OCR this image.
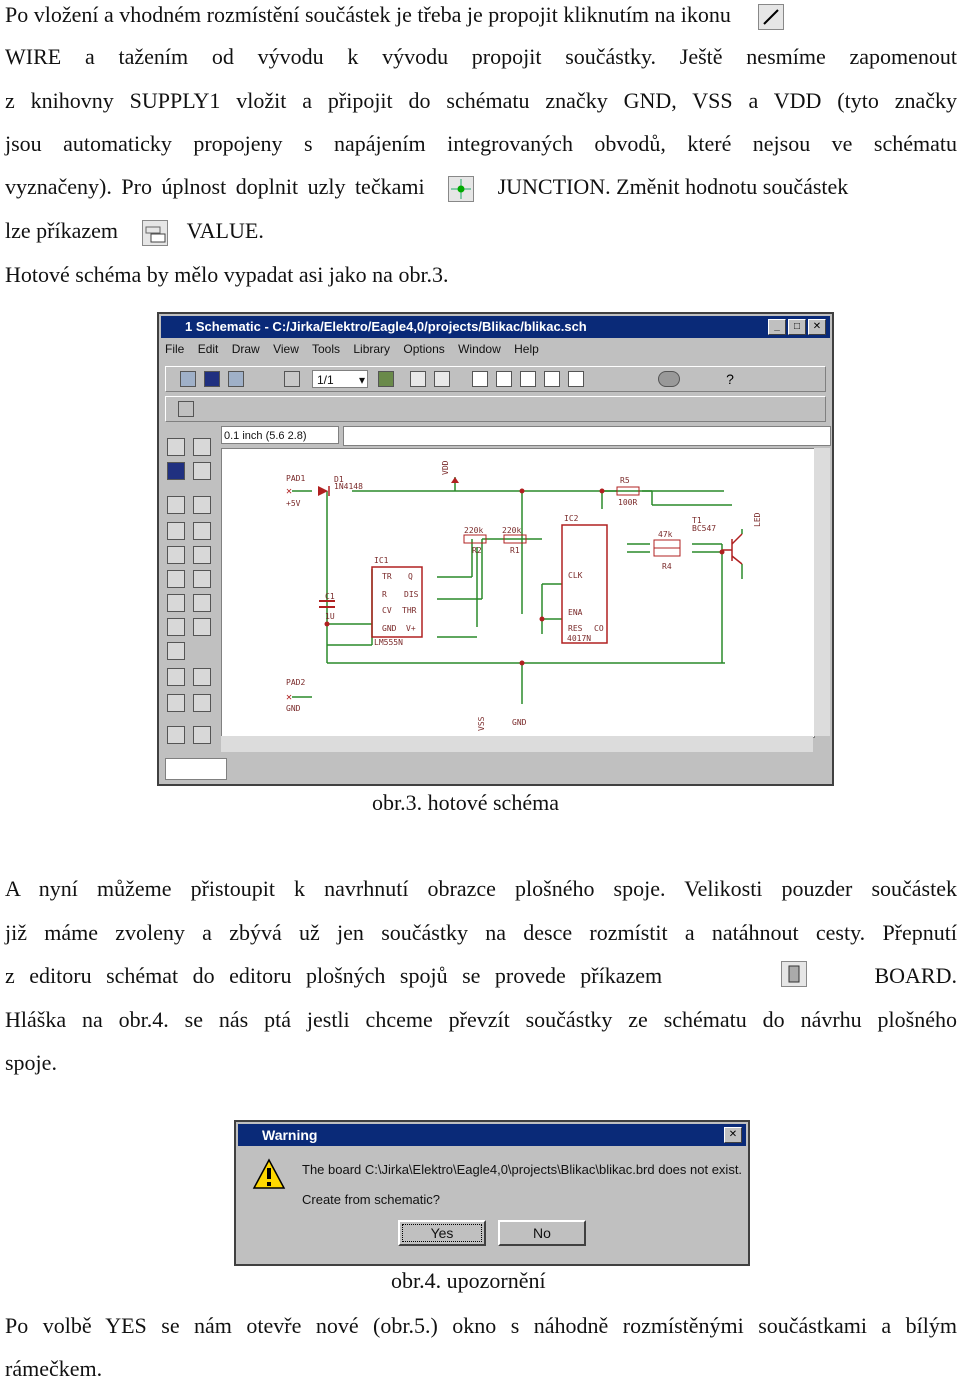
Po vložení a vhodném rozmístění součástek je třeba je propojit kliknutím na ikonu
WIRE a tažením od vývodu k vývodu propojit součástky. Ještě nesmíme zapomenout
z knihovny SUPPLY1 vložit a připojit do schématu značky GND, VSS a VDD (tyto značky
jsou automaticky propojeny s napájením integrovaných obvodů, které nejsou ve schématu
vyznačeny). Pro úplnost doplnit uzly tečkami	JUNCTION. Změnit hodnotu součástek
lze příkazem	VALUE.
Hotové schéma by mělo vypadat asi jako na obr.3.
1 Schematic - C:/Jirka/Elektro/Eagle4,0/projects/Blikac/blikac.sch	_	□	✕
File Edit Draw View Tools Library Options Window Help
1/1 ▾	?
0.1 inch (5.6 2.8)
✕
✕
PAD1
+5V
D1
1N4148
VDD
R5
100R
IC2
4017N
CLK
ENA
RES CO
220k
R2
220k
R1
IC1
LM555N
TR Q
R DIS
CV THR
GND V+
C1
1U
47k
R4
T1
BC547
LED
PAD2
GND
VSS	GND
obr.3. hotové schéma
A nyní můžeme přistoupit k navrhnutí obrazce plošného spoje. Velikosti pouzder součástek
již máme zvoleny a zbývá už jen součástky na desce rozmístit a natáhnout cesty. Přepnutí
z editoru schémat do editoru plošných spojů se provede příkazem	BOARD.
Hláška na obr.4. se nás ptá jestli chceme převzít součástky ze schématu do návrhu plošného
spoje.
Warning	✕
The board C:\Jirka\Elektro\Eagle4,0\projects\Blikac\blikac.brd does not exist.
Create from schematic?
Yes	No
obr.4. upozornění
Po volbě YES se nám otevře nové (obr.5.) okno s náhodně rozmístěnými součástkami a bílým
rámečkem.
